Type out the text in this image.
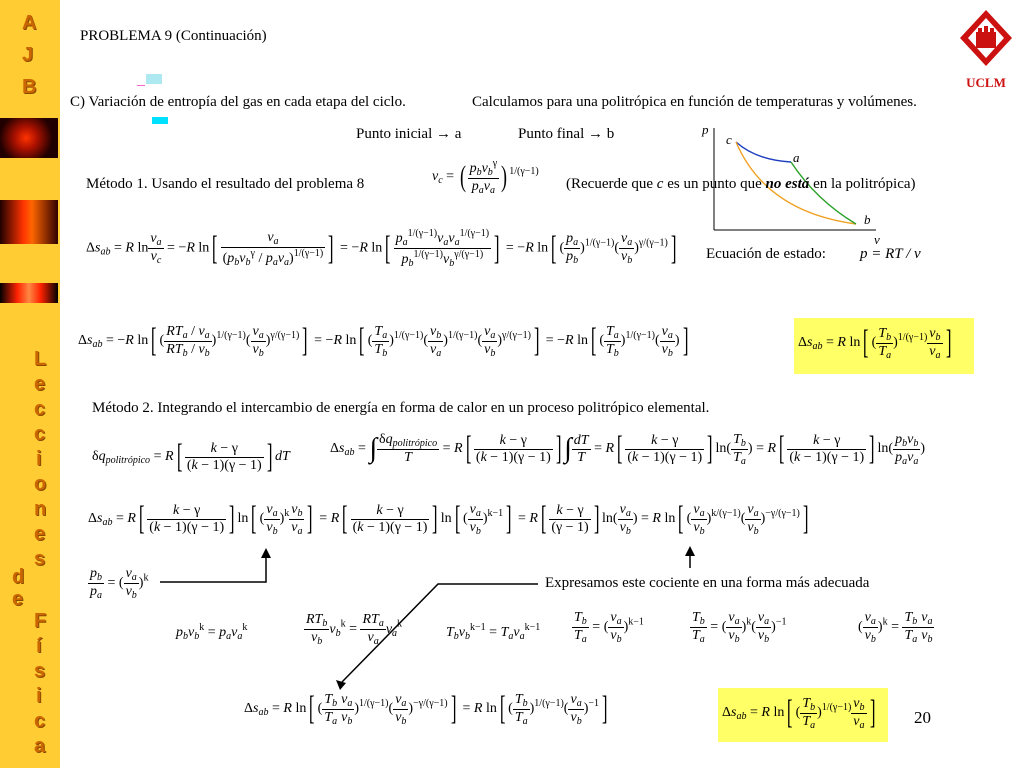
A
J
B
L
e
c
c
i
o
n
e
s
d
e
F
í
s
i
c
a
PROBLEMA 9 (Continuación)
UCLM
C) Variación de entropía del gas en cada etapa del ciclo.	Calculamos para una politrópica en función de temperaturas y volúmenes.
Punto inicial → a	Punto final → b	p
v
c
a
b
Método 1. Usando el resultado del problema 8	$v_c$ = ( $\frac{p_bv_b^\gamma}{p_av_a}$ ) $^{1/(\gamma-1)}$
(Recuerde que c es un punto que no está en la politrópica)
$\Delta s_{ab} = R$ $\ln \frac{v_a}{v_c} = -R$ $\ln[ \frac{v_a}{(p_bv_b^\gamma / p_av_a)^{1/(\gamma-1)}}$ ] = −R $\ln[ \frac{p_a^{1/(\gamma-1)}v_av_a^{1/(\gamma-1)}}{p_b^{1/(\gamma-1)}v_b^{\gamma/(\gamma-1)}}$ ] = −R ln[ ( $\frac{p_a}{p_b} )^{1/(\gamma-1)}( \frac{v_a}{v_b} )^{\gamma/(\gamma-1)}$] Ecuación de estado: p = RT / v
$\Delta s_{ab} = -R$ ln[ ( $\frac{RT_a / v_a}{RT_b / v_b} )^{1/(\gamma-1)}( \frac{v_a}{v_b} )^{\gamma/(\gamma-1)}] = -R$ ln[ ( $\frac{T_a}{T_b} )^{1/(\gamma-1)}( \frac{v_b}{v_a} )^{1/(\gamma-1)}( \frac{v_a}{v_b} )^{\gamma/(\gamma-1)}] = -R$ ln[ ( $\frac{T_a}{T_b} )^{1/(\gamma-1)}( \frac{v_a}{v_b}$ )]	$\Delta s_{ab} = R$ ln[ ( $\frac{T_b}{T_a} )^{1/(\gamma-1)} \frac{v_b}{v_a}$ ]
Método 2. Integrando el intercambio de energía en forma de calor en un proceso politrópico elemental.
$\delta q_{politrópico} = R[ \frac{k - \gamma}{(k - 1)(\gamma - 1)}$ ] dT
$\Delta s_{ab}$ = ∫ $\frac{\delta q_{politrópico}}{T} = R[ \frac{k - \gamma}{(k - 1)(\gamma - 1)}$ ] ∫ $\frac{dT}{T} = R[ \frac{k - \gamma}{(k - 1)(\gamma - 1)}$ ] $\ln( \frac{T_b}{T_a}$ ) = $R[ \frac{k - \gamma}{(k - 1)(\gamma - 1)}$ ] $\ln( \frac{p_bv_b}{p_av_a}$ )
$\Delta s_{ab} = R[ \frac{k - \gamma}{(k - 1)(\gamma - 1)}$ ] ln[ ( $\frac{v_a}{v_b} )^k \frac{v_b}{v_a}$ ] = $R[ \frac{k - \gamma}{(k - 1)(\gamma - 1)}$ ] ln[ ( $\frac{v_a}{v_b} )^{k-1}] = R[ \frac{k - \gamma}{(\gamma - 1)}$ ] $\ln( \frac{v_a}{v_b}$ ) = R ln[ ( $\frac{v_a}{v_b} )^{k/(\gamma-1)}( \frac{v_a}{v_b} )^{-\gamma/(\gamma-1)}$]
$\frac{p_b}{p_a}$ = ( $\frac{v_a}{v_b} )^k$	Expresamos este cociente en una forma más adecuada
$p_bv_b^k = p_av_a^k$	$\frac{RT_b}{v_b} v_b^k = \frac{RT_a}{v_a} v_a^k$
$T_bv_b^{k-1} = T_av_a^{k-1} \frac{T_b}{T_a}$ = ( $\frac{v_a}{v_b} )^{k-1}$	$\frac{T_b}{T_a}$ = ( $\frac{v_a}{v_b} )^k( \frac{v_a}{v_b} )^{-1}$	( $\frac{v_a}{v_b} )^k = \frac{T_b}{T_a} \frac{v_a}{v_b}$
$\Delta s_{ab} = R$ ln[ ( $\frac{T_b}{T_a} \frac{v_a}{v_b} )^{1/(\gamma-1)}( \frac{v_a}{v_b} )^{-\gamma/(\gamma-1)}] = R$ ln[ ( $\frac{T_b}{T_a} )^{1/(\gamma-1)}( \frac{v_a}{v_b} )^{-1}$]	$\Delta s_{ab} = R$ ln[ ( $\frac{T_b}{T_a} )^{1/(\gamma-1)} \frac{v_b}{v_a}$ ] 20
